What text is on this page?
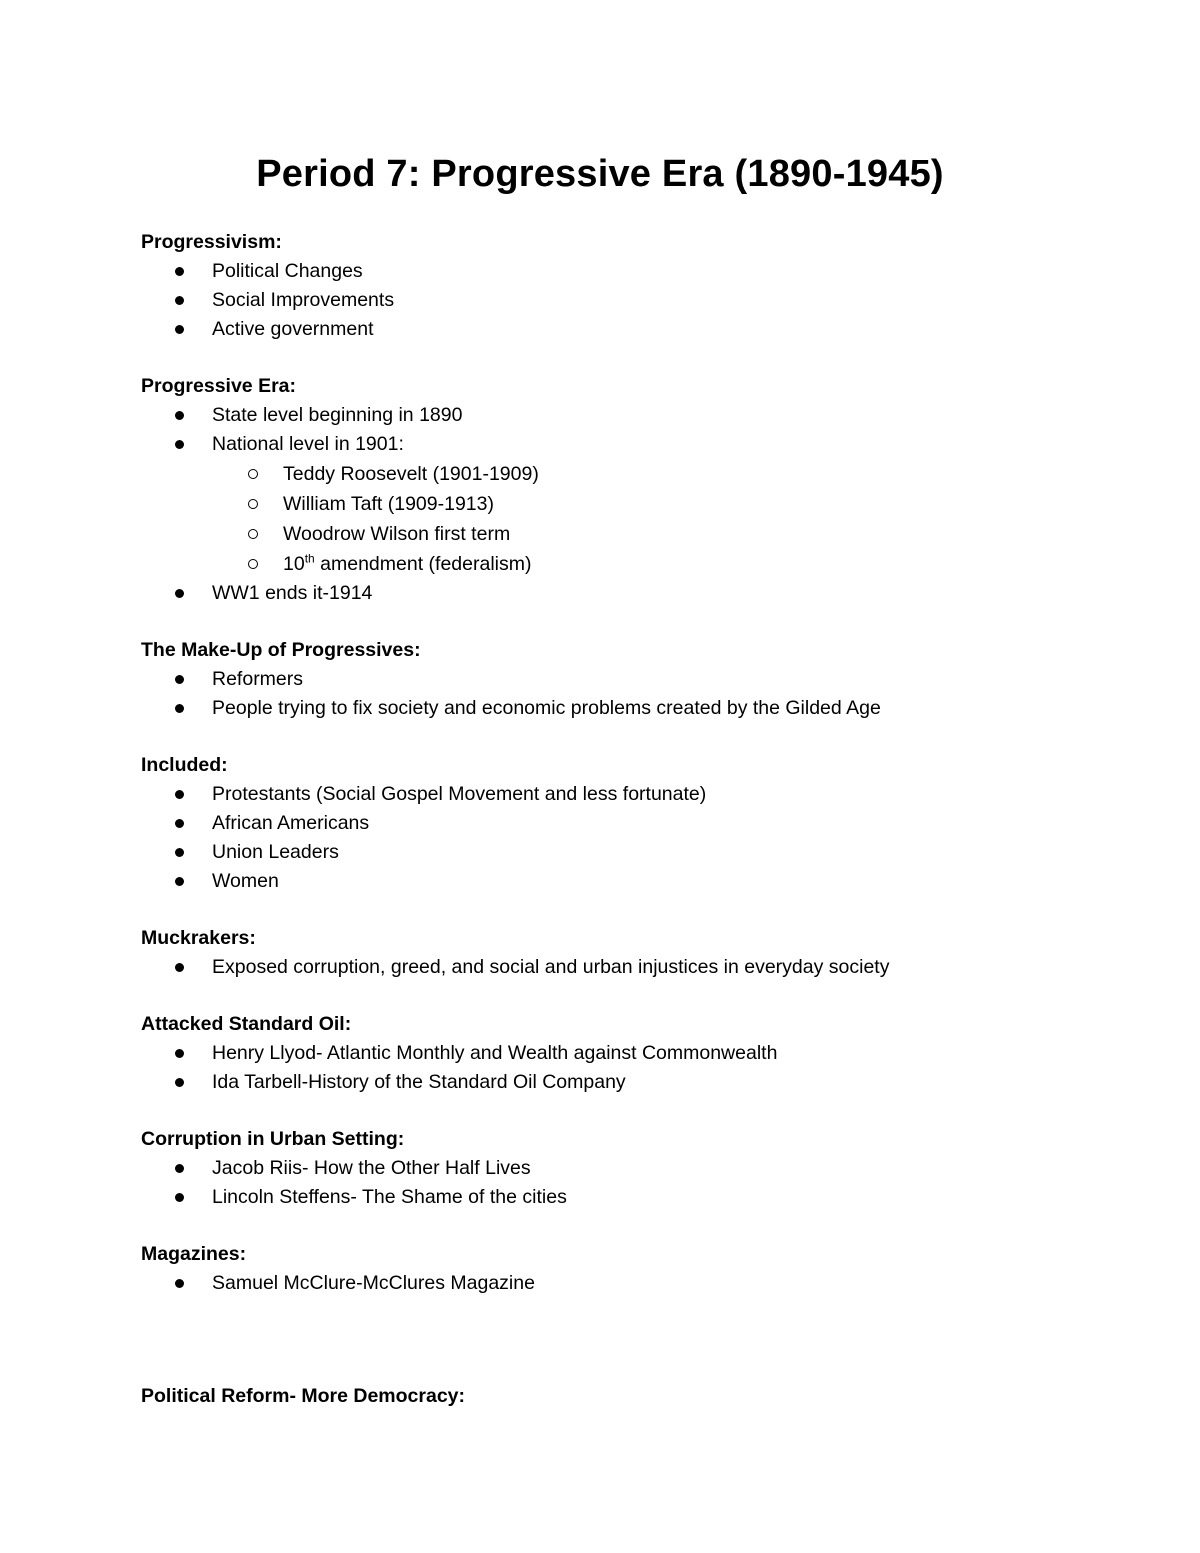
Period 7: Progressive Era (1890-1945)
Progressivism:
Political Changes
Social Improvements
Active government
Progressive Era:
State level beginning in 1890
National level in 1901:
Teddy Roosevelt (1901-1909)
William Taft (1909-1913)
Woodrow Wilson first term
10th amendment (federalism)
WW1 ends it-1914
The Make-Up of Progressives:
Reformers
People trying to fix society and economic problems created by the Gilded Age
Included:
Protestants (Social Gospel Movement and less fortunate)
African Americans
Union Leaders
Women
Muckrakers:
Exposed corruption, greed, and social and urban injustices in everyday society
Attacked Standard Oil:
Henry Llyod- Atlantic Monthly and Wealth against Commonwealth
Ida Tarbell-History of the Standard Oil Company
Corruption in Urban Setting:
Jacob Riis- How the Other Half Lives
Lincoln Steffens- The Shame of the cities
Magazines:
Samuel McClure-McClures Magazine
Political Reform- More Democracy:
